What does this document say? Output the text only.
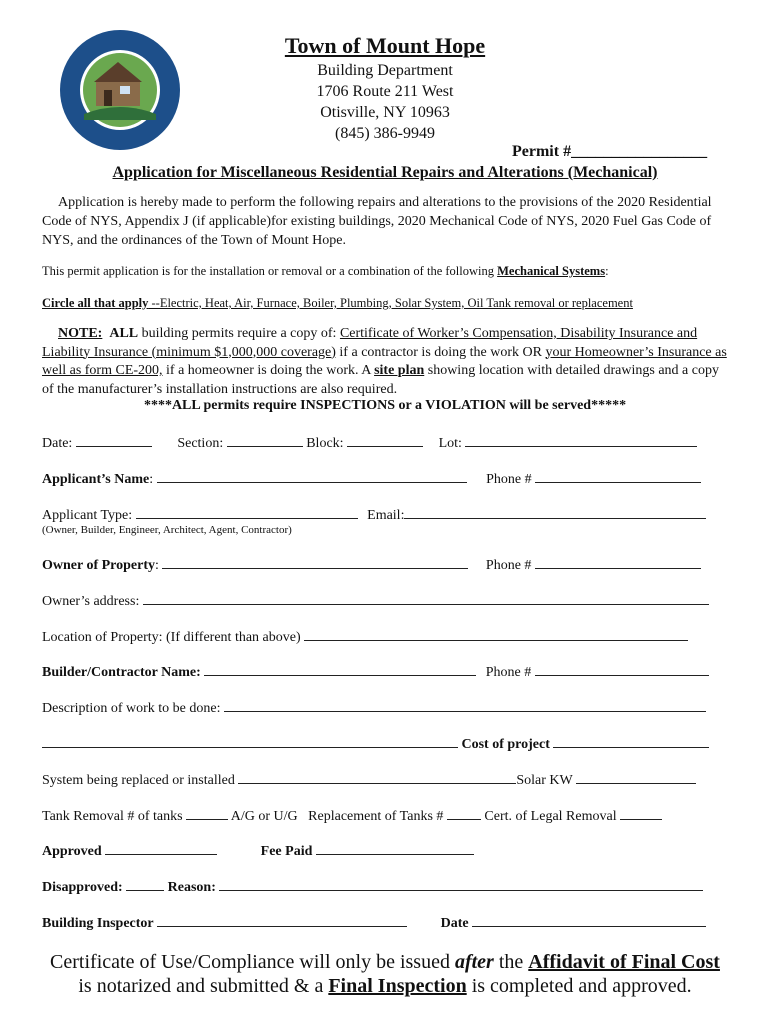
Town of Mount Hope
Building Department
1706 Route 211 West
Otisville, NY 10963
(845) 386-9949
Permit #_________________
Application for Miscellaneous Residential Repairs and Alterations (Mechanical)
Application is hereby made to perform the following repairs and alterations to the provisions of the 2020 Residential Code of NYS, Appendix J (if applicable)for existing buildings, 2020 Mechanical Code of NYS, 2020 Fuel Gas Code of NYS, and the ordinances of the Town of Mount Hope.
This permit application is for the installation or removal or a combination of the following Mechanical Systems:
Circle all that apply --Electric, Heat, Air, Furnace, Boiler, Plumbing, Solar System, Oil Tank removal or replacement
NOTE: ALL building permits require a copy of: Certificate of Worker’s Compensation, Disability Insurance and Liability Insurance (minimum $1,000,000 coverage) if a contractor is doing the work OR your Homeowner’s Insurance as well as form CE-200, if a homeowner is doing the work. A site plan showing location with detailed drawings and a copy of the manufacturer’s installation instructions are also required.
****ALL permits require INSPECTIONS or a VIOLATION will be served*****
Date:	Section:	Block:	Lot:
Applicant’s Name:	Phone #
Applicant Type:	Email:
(Owner, Builder, Engineer, Architect, Agent, Contractor)
Owner of Property:	Phone #
Owner’s address:
Location of Property: (If different than above)
Builder/Contractor Name:	Phone #
Description of work to be done:
Cost of project
System being replaced or installed	Solar KW
Tank Removal # of tanks	A/G or U/G Replacement of Tanks #	Cert. of Legal Removal
Approved	Fee Paid
Disapproved:	Reason:
Building Inspector	Date
Certificate of Use/Compliance will only be issued after the Affidavit of Final Cost
is notarized and submitted & a Final Inspection is completed and approved.
